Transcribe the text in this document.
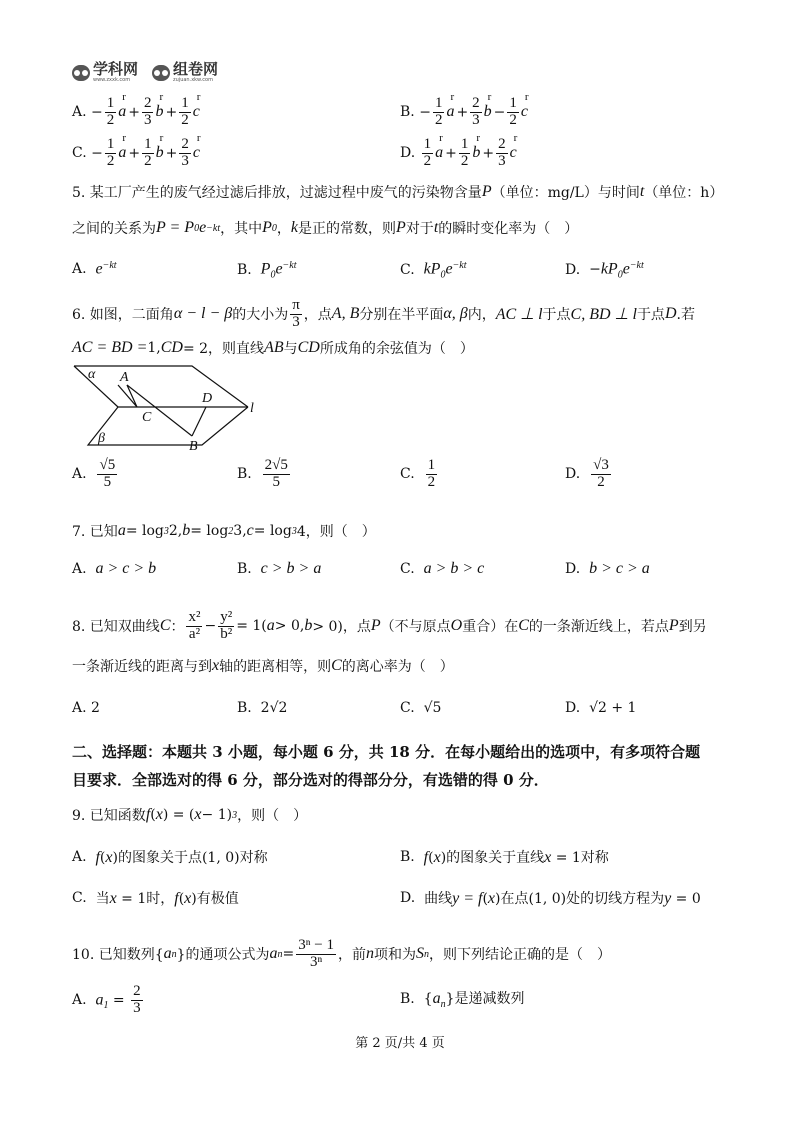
学科网
www.zxxk.com
组卷网
zujuan.xkw.com
A.
− $\frac{1}{2}$ r $a + \frac{2}{3}$ r $b + \frac{1}{2}$ r c	B.
− $\frac{1}{2}$ r $a + \frac{2}{3}$ r $b - \frac{1}{2}$ r c
C.
− $\frac{1}{2}$ r $a + \frac{1}{2}$ r $b + \frac{2}{3}$ r c	D.
$\frac{1}{2}$ r $a + \frac{1}{2}$ r $b + \frac{2}{3}$ r c
5. 某工厂产生的废气经过滤后排放，过滤过程中废气的污染物含量 P （单位：mg/L）与时间 t （单位：h）
之间的关系为 P = P 0 e −kt ，其中 P 0 ， k 是正的常数，则 P 对于 t 的瞬时变化率为（　）
A.
$e^{-kt}$	B.
$P_0e^{-kt}$	C.
$kP_0e^{-kt}$	D.
$-kP_0e^{-kt}$
6. 如图，二面角 α − l − β 的大小为 $\frac{\pi}{3}$ ，点 A, B 分别在半平面 α, β 内， AC ⊥ l 于点 C, BD ⊥ l 于点 D .若
AC = BD = 1, CD = 2，则直线 AB 与 CD 所成角的余弦值为（　）
α A
D
l
C
B
β
A.
$\frac{√5}{5}$	B.
$\frac{2√5}{5}$	C.
$\frac{1}{2}$	D.
$\frac{√3}{2}$
7. 已知 a = log 3 2, b = log 2 3, c = log 3 4，则（　）
A.
a > c > b	B.
c > b > a	C.
a > b > c	D.
b > c > a
8. 已知双曲线 C ： $\frac{\text{x²}}{\text{a²}} - \frac{\text{y²}}{\text{b²}} = 1$( a > 0, b > 0)，点 P （不与原点 O 重合）在 C 的一条渐近线上，若点 P 到另
一条渐近线的距离与到 x 轴的距离相等，则 C 的离心率为（　）
A.
2	B.
2√2	C.
√5	D.
√2 + 1
二、选择题：本题共 3 小题，每小题 6 分，共 18 分．在每小题给出的选项中，有多项符合题
目要求．全部选对的得 6 分，部分选对的得部分分，有选错的得 0 分．
9. 已知函数 f ( x ) = ( x − 1) 3 ，则（　）
A.
f(x)的图象关于点(1, 0)对称	B.
f(x)的图象关于直线x = 1对称
C.
当x = 1时，f(x)有极值	D.
曲线y = f(x)在点(1, 0)处的切线方程为y = 0
10. 已知数列{ a n }的通项公式为 a $n = \frac{\text{3ⁿ − 1}}{\text{3ⁿ}}$ ，前 n 项和为 S n ，则下列结论正确的是（　）
A.
$a_1 = \frac{2}{3}$	B.
$\{a_n\}$是递减数列
第 2 页/共 4 页
